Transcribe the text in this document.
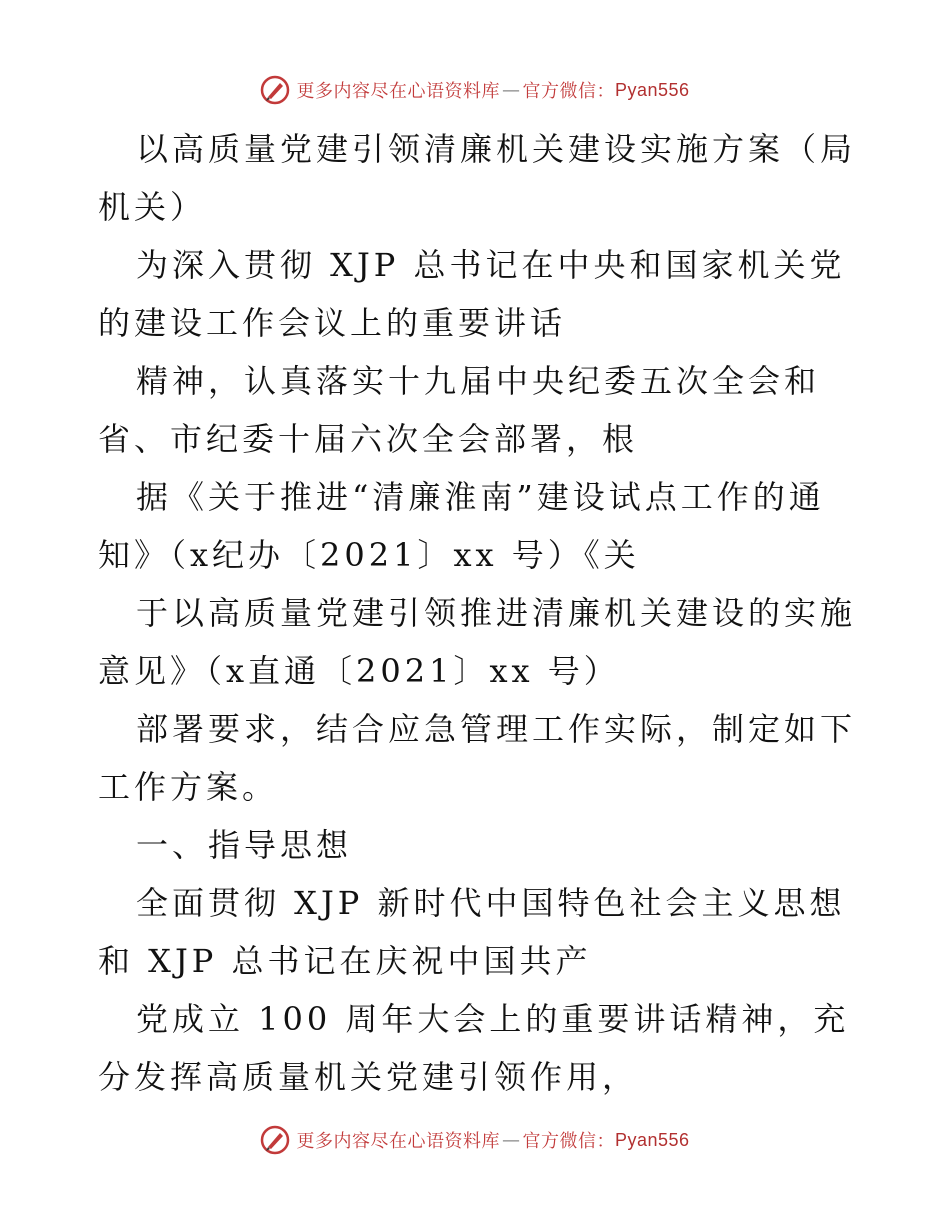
更多内容尽在心语资料库 — 官方微信： Pyan556

以高质量党建引领清廉机关建设实施方案（局机关）

为深入贯彻 XJP 总书记在中央和国家机关党的建设工作会议上的重要讲话

精神，认真落实十九届中央纪委五次全会和省、市纪委十届六次全会部署，根

据《关于推进“清廉淮南”建设试点工作的通知》（x纪办〔2021〕xx 号）《关

于以高质量党建引领推进清廉机关建设的实施意见》（x直通〔2021〕xx 号）

部署要求，结合应急管理工作实际，制定如下工作方案。

一、指导思想

全面贯彻 XJP 新时代中国特色社会主义思想和 XJP 总书记在庆祝中国共产

党成立 100 周年大会上的重要讲话精神，充分发挥高质量机关党建引领作用，

更多内容尽在心语资料库 — 官方微信： Pyan556
